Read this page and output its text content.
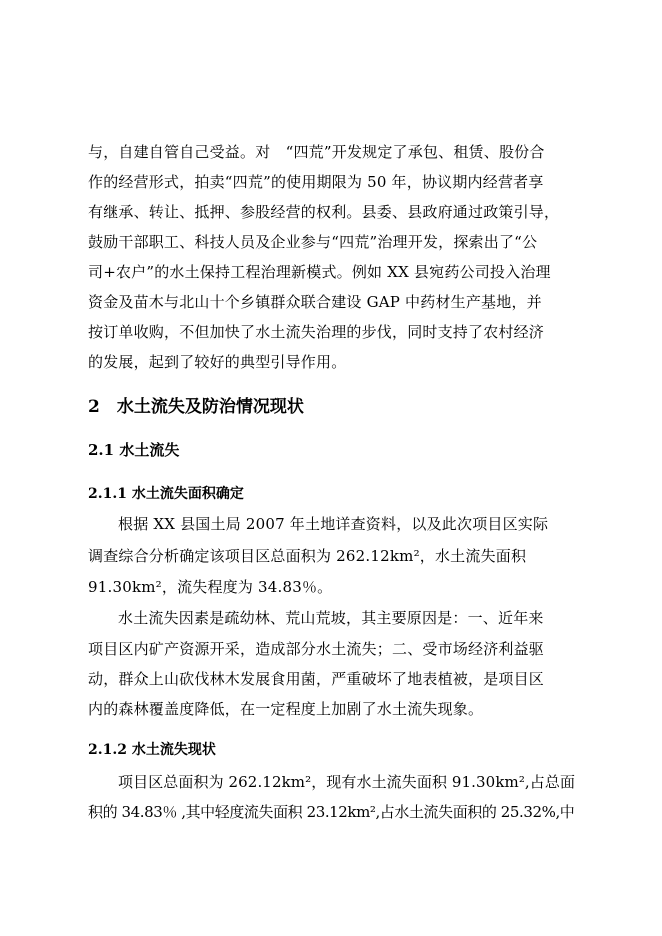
与，自建自管自己受益。对　“四荒”开发规定了承包、租赁、股份合
作的经营形式，拍卖“四荒”的使用期限为 50 年，协议期内经营者享
有继承、转让、抵押、参股经营的权利。县委、县政府通过政策引导，
鼓励干部职工、科技人员及企业参与“四荒”治理开发，探索出了“公
司+农户”的水土保持工程治理新模式。例如 XX 县宛药公司投入治理
资金及苗木与北山十个乡镇群众联合建设 GAP 中药材生产基地，并
按订单收购，不但加快了水土流失治理的步伐，同时支持了农村经济
的发展，起到了较好的典型引导作用。
2　水土流失及防治情况现状
2.1 水土流失
2.1.1 水土流失面积确定
根据 XX 县国土局 2007 年土地详查资料，以及此次项目区实际
调查综合分析确定该项目区总面积为 262.12km²，水土流失面积
91.30km²，流失程度为 34.83％。
水土流失因素是疏幼林、荒山荒坡，其主要原因是：一、近年来
项目区内矿产资源开采，造成部分水土流失；二、受市场经济利益驱
动，群众上山砍伐林木发展食用菌，严重破坏了地表植被，是项目区
内的森林覆盖度降低，在一定程度上加剧了水土流失现象。
2.1.2 水土流失现状
项目区总面积为 262.12km²，现有水土流失面积 91.30km²,占总面
积的 34.83％ ,其中轻度流失面积 23.12km²,占水土流失面积的 25.32%,中
